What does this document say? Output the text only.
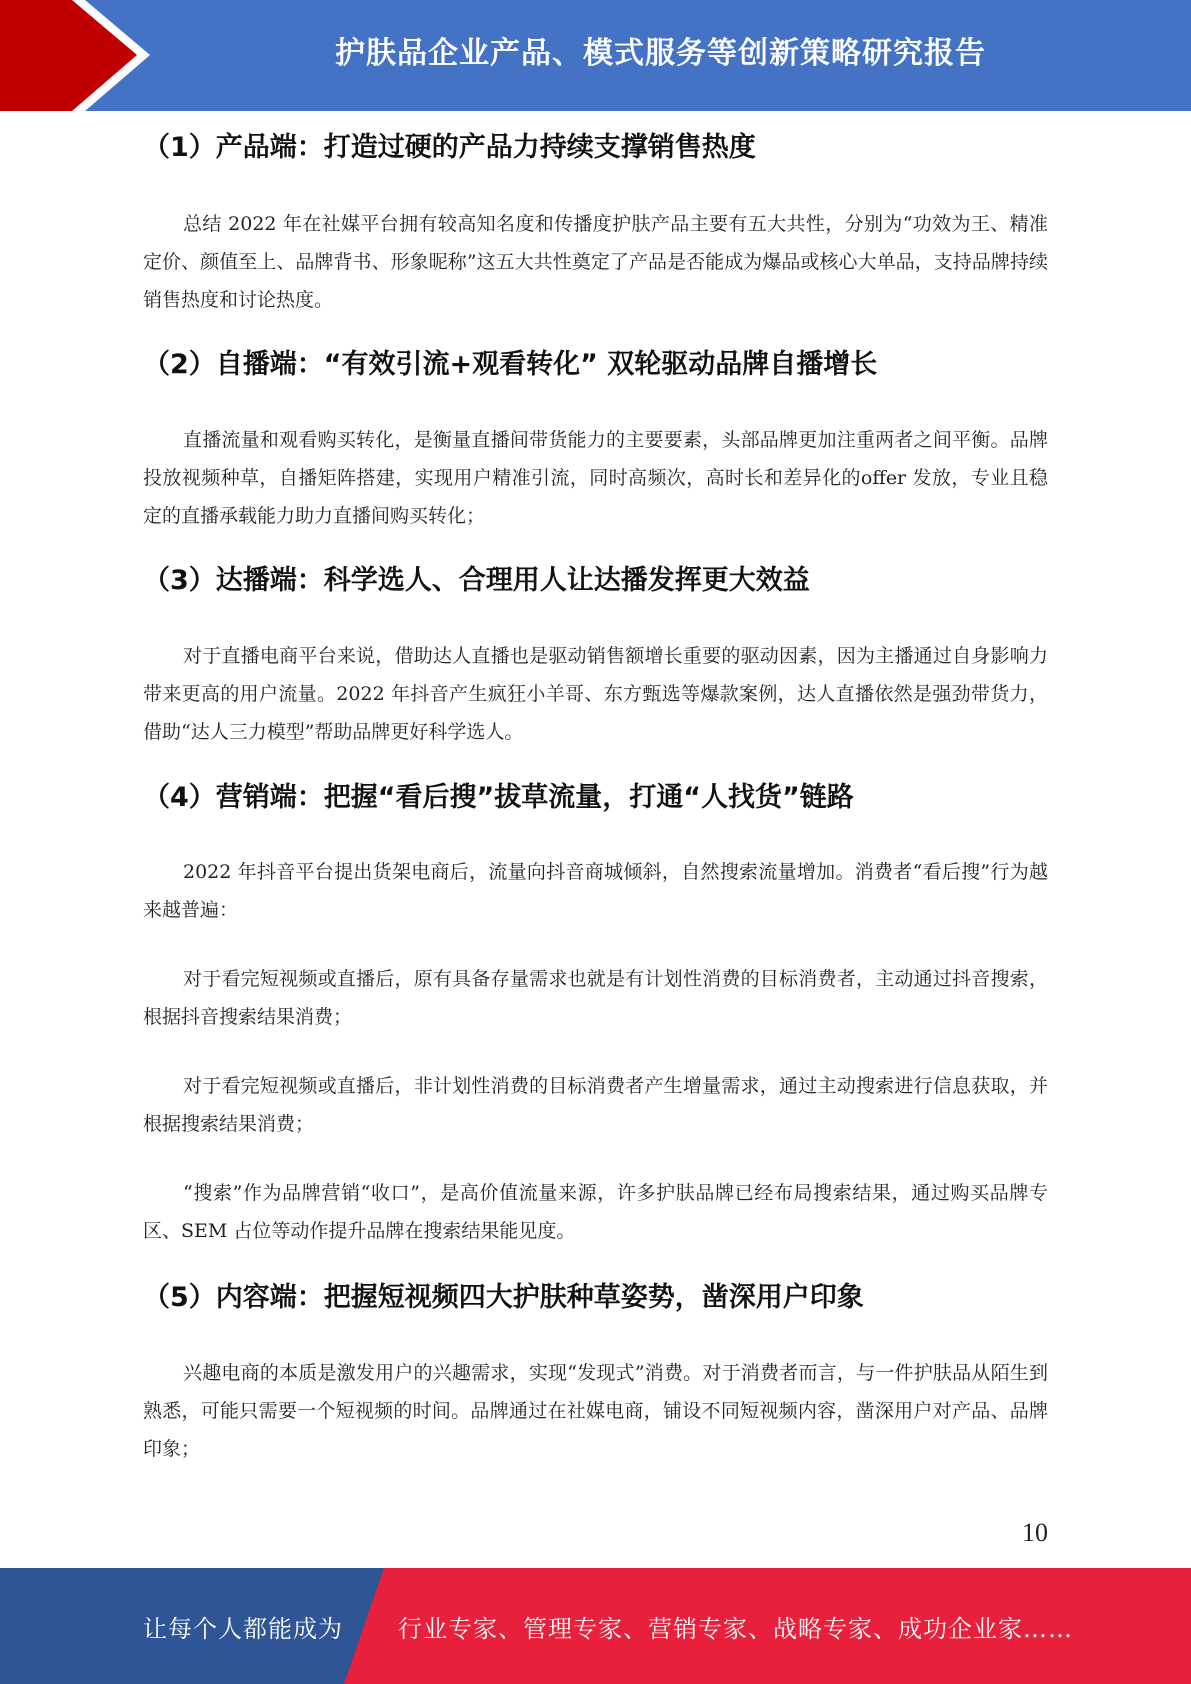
护肤品企业产品、模式服务等创新策略研究报告
（1）产品端：打造过硬的产品力持续支撑销售热度

总结 2022 年在社媒平台拥有较高知名度和传播度护肤产品主要有五大共性，分别为“功效为王、精准定价、颜值至上、品牌背书、形象昵称”这五大共性奠定了产品是否能成为爆品或核心大单品，支持品牌持续销售热度和讨论热度。

（2）自播端：“有效引流+观看转化” 双轮驱动品牌自播增长

直播流量和观看购买转化，是衡量直播间带货能力的主要要素，头部品牌更加注重两者之间平衡。品牌投放视频种草，自播矩阵搭建，实现用户精准引流，同时高频次，高时长和差异化的offer 发放，专业且稳定的直播承载能力助力直播间购买转化；

（3）达播端：科学选人、合理用人让达播发挥更大效益

对于直播电商平台来说，借助达人直播也是驱动销售额增长重要的驱动因素，因为主播通过自身影响力带来更高的用户流量。2022 年抖音产生疯狂小羊哥、东方甄选等爆款案例，达人直播依然是强劲带货力，借助“达人三力模型”帮助品牌更好科学选人。

（4）营销端：把握“看后搜”拔草流量，打通“人找货”链路

2022 年抖音平台提出货架电商后，流量向抖音商城倾斜，自然搜索流量增加。消费者“看后搜”行为越来越普遍：

对于看完短视频或直播后，原有具备存量需求也就是有计划性消费的目标消费者，主动通过抖音搜索，根据抖音搜索结果消费；

对于看完短视频或直播后，非计划性消费的目标消费者产生增量需求，通过主动搜索进行信息获取，并根据搜索结果消费；

“搜索”作为品牌营销“收口”，是高价值流量来源，许多护肤品牌已经布局搜索结果，通过购买品牌专区、SEM 占位等动作提升品牌在搜索结果能见度。

（5）内容端：把握短视频四大护肤种草姿势，凿深用户印象

兴趣电商的本质是激发用户的兴趣需求，实现“发现式”消费。对于消费者而言，与一件护肤品从陌生到熟悉，可能只需要一个短视频的时间。品牌通过在社媒电商，铺设不同短视频内容，凿深用户对产品、品牌印象；

10
让每个人都能成为 行业专家、管理专家、营销专家、战略专家、成功企业家……
